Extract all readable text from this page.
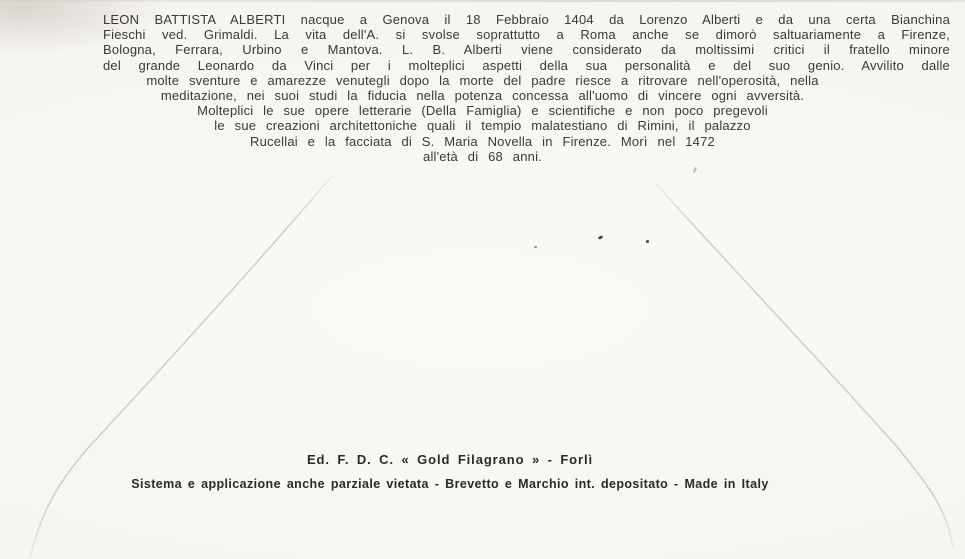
LEON BATTISTA ALBERTI nacque a Genova il 18 Febbraio 1404 da Lorenzo Alberti e da una certa Bianchina
Fieschi ved. Grimaldi. La vita dell'A. si svolse soprattutto a Roma anche se dimorò saltuariamente a Firenze,
Bologna, Ferrara, Urbino e Mantova. L. B. Alberti viene considerato da moltissimi critici il fratello minore
del grande Leonardo da Vinci per i molteplici aspetti della sua personalità e del suo genio. Avvilito dalle
molte sventure e amarezze venutegli dopo la morte del padre riesce a ritrovare nell'operosità, nella
meditazione, nei suoi studi la fiducia nella potenza concessa all'uomo di vincere ogni avversità.
Molteplici le sue opere letterarie (Della Famiglia) e scientifiche e non poco pregevoli
le sue creazioni architettoniche quali il tempio malatestiano di Rimini, il palazzo
Rucellai e la facciata di S. Maria Novella in Firenze. Morì nel 1472
all'età di 68 anni.
Ed. F. D. C. « Gold Filagrano » - Forlì
Sistema e applicazione anche parziale vietata - Brevetto e Marchio int. depositato - Made in Italy
